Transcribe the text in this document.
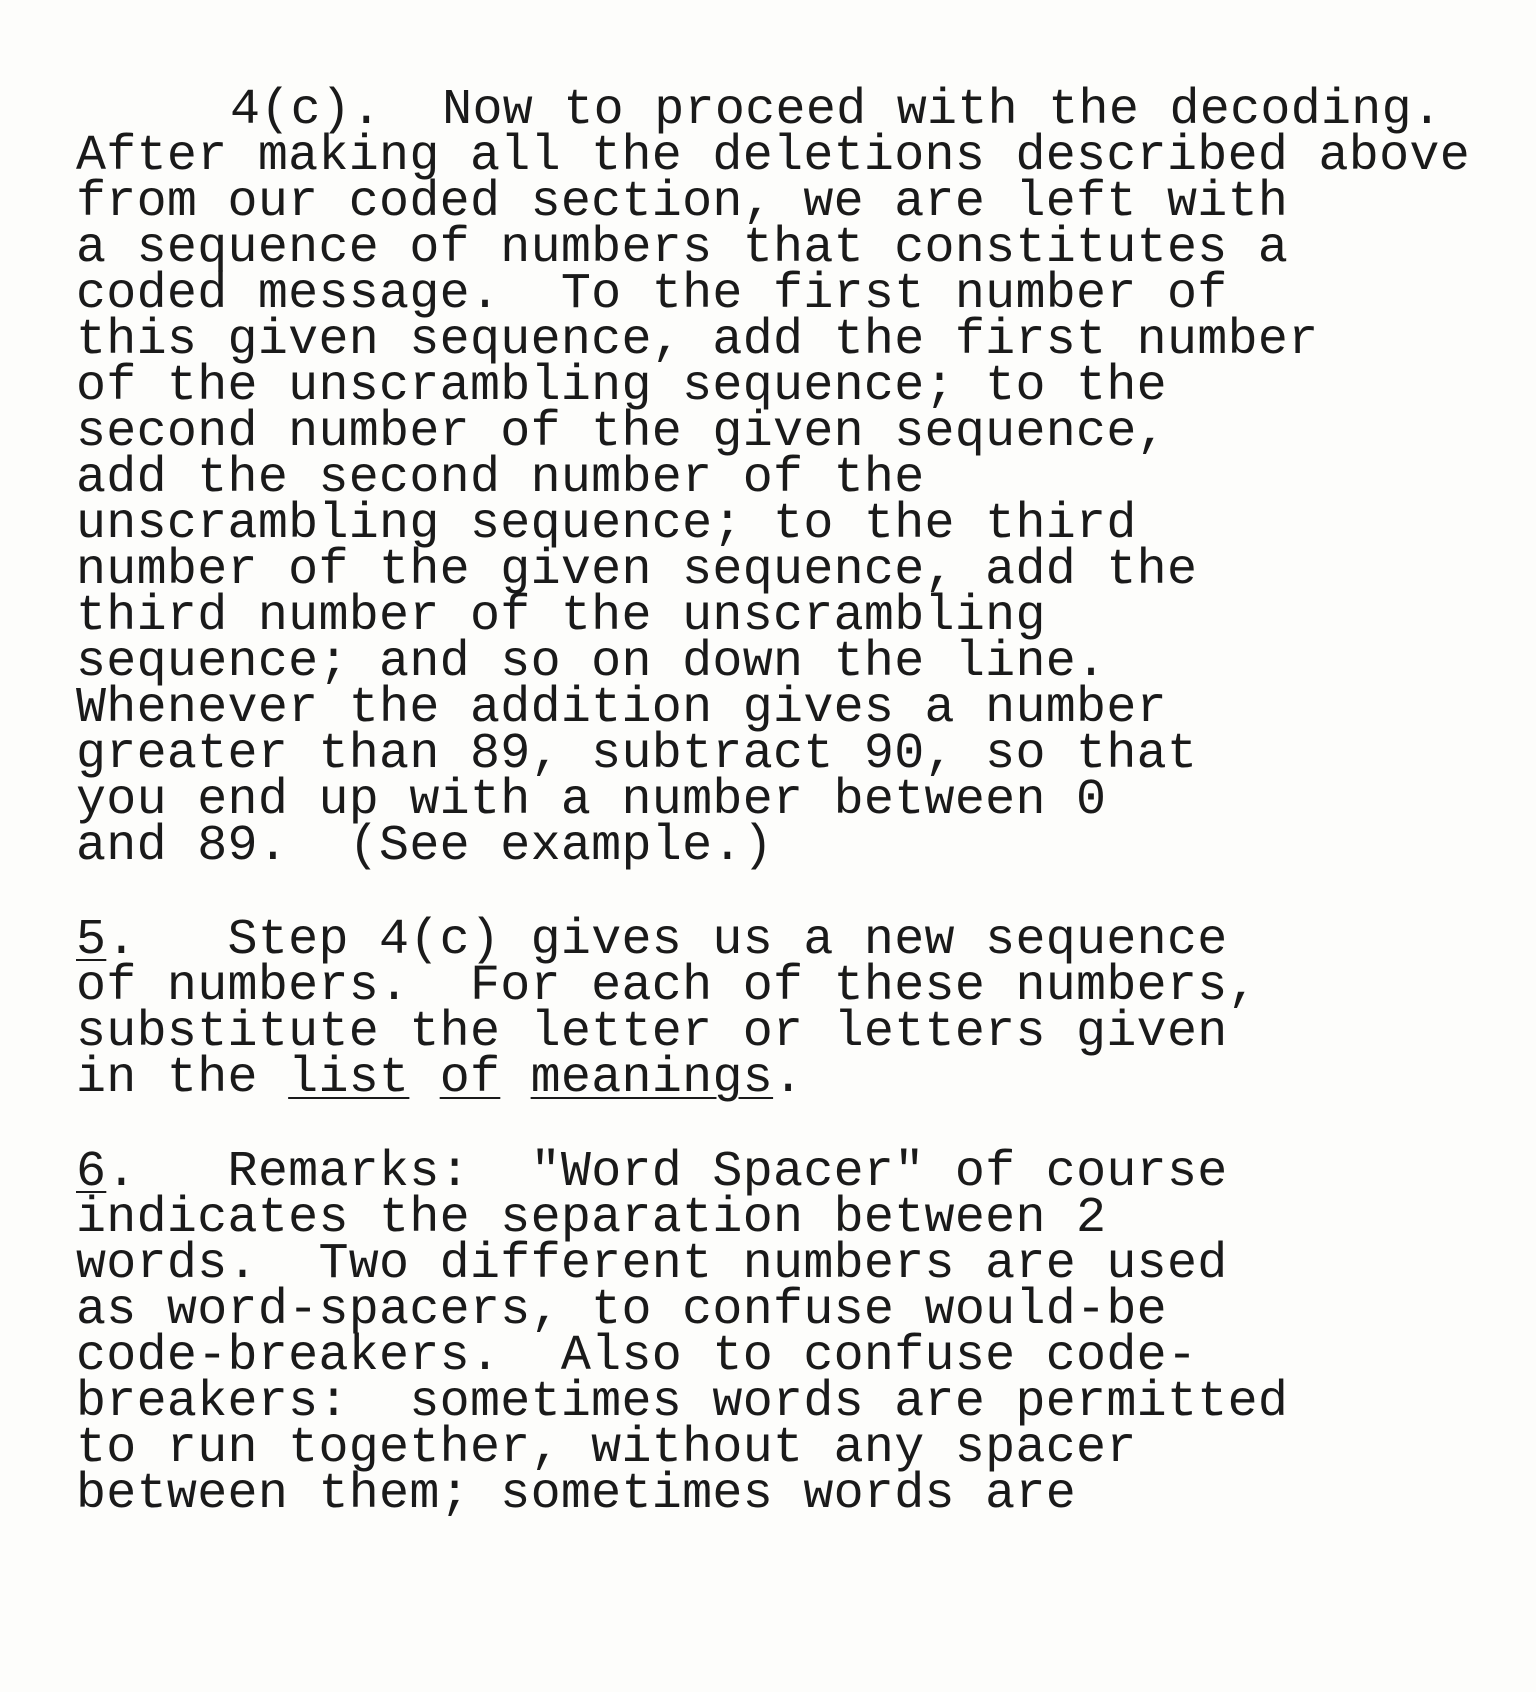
4(c). Now to proceed with the decoding.
After making all the deletions described above
from our coded section, we are left with
a sequence of numbers that constitutes a
coded message.  To the first number of
this given sequence, add the first number
of the unscrambling sequence; to the
second number of the given sequence,
add the second number of the
unscrambling sequence; to the third
number of the given sequence, add the
third number of the unscrambling
sequence; and so on down the line.
Whenever the addition gives a number
greater than 89, subtract 90, so that
you end up with a number between 0
and 89.  (See example.)
5.   Step 4(c) gives us a new sequence
of numbers.  For each of these numbers,
substitute the letter or letters given
in the list of meanings.
6.   Remarks:  "Word Spacer" of course
indicates the separation between 2
words.  Two different numbers are used
as word-spacers, to confuse would-be
code-breakers.  Also to confuse code-
breakers:  sometimes words are permitted
to run together, without any spacer
between them; sometimes words are
